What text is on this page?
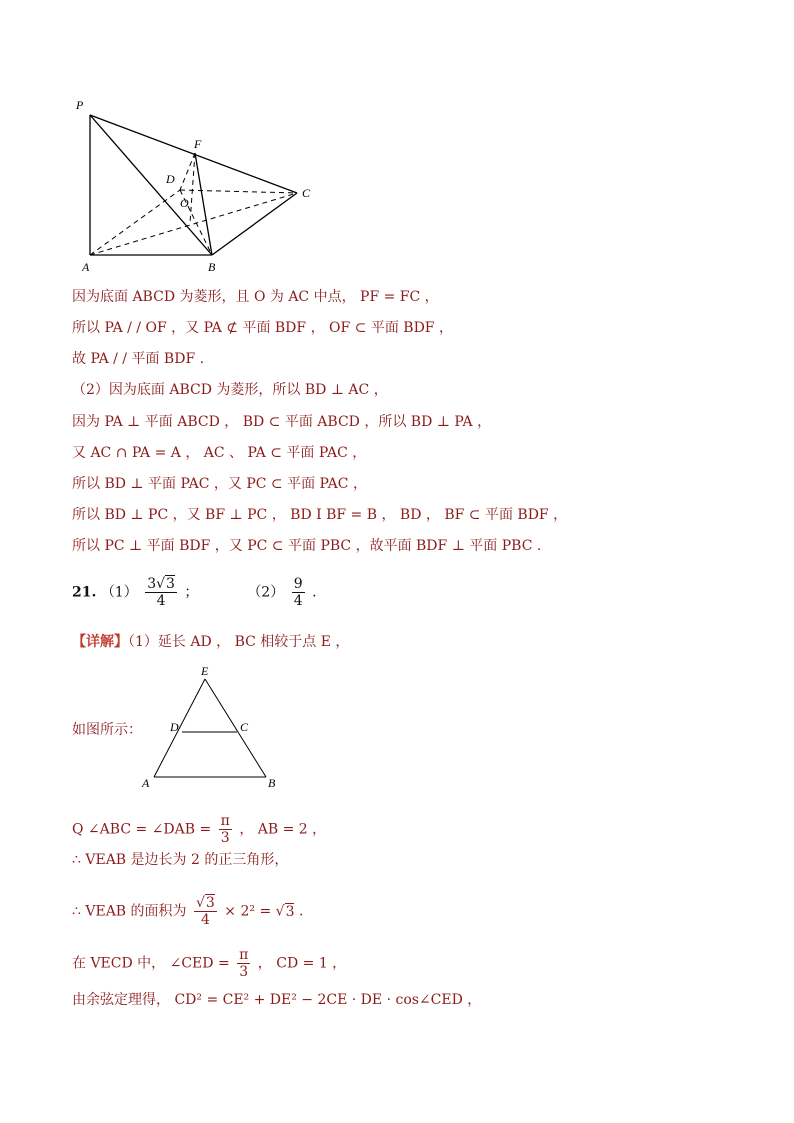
P
F
D
O
C
A	B
因为底面 ABCD 为菱形，且 O 为 AC 中点， PF = FC ，
所以 PA / / OF ，又 PA ⊄ 平面 BDF ， OF ⊂ 平面 BDF ，
故 PA / / 平面 BDF .
（2）因为底面 ABCD 为菱形，所以 BD ⊥ AC ，
因为 PA ⊥ 平面 ABCD ， BD ⊂ 平面 ABCD ，所以 BD ⊥ PA ，
又 AC ∩ PA = A ， AC 、 PA ⊂ 平面 PAC ，
所以 BD ⊥ 平面 PAC ，又 PC ⊂ 平面 PAC ，
所以 BD ⊥ PC ，又 BF ⊥ PC ， BD I BF = B ， BD ， BF ⊂ 平面 BDF ，
所以 PC ⊥ 平面 BDF ，又 PC ⊂ 平面 PBC ，故平面 BDF ⊥ 平面 PBC .
21. $(1) \frac{3√3}{4}$ ；	$(2) \frac{9}{4}$ .
【详解】（1）延长 AD ， BC 相较于点 E ，
如图所示：
E
D	C
A	B
Q ∠ABC = ∠DAB = $\frac{\pi}{3}$ ， AB = 2 ，
∴ VEAB 是边长为 2 的正三角形，
∴ VEAB 的面积为 $\frac{√3}{4} \times 2^2 = √3$ .
在 VECD 中， ∠CED = $\frac{\pi}{3}$ ， CD = 1 ，
由余弦定理得， CD² = CE² + DE² − 2CE · DE · cos∠CED ，
